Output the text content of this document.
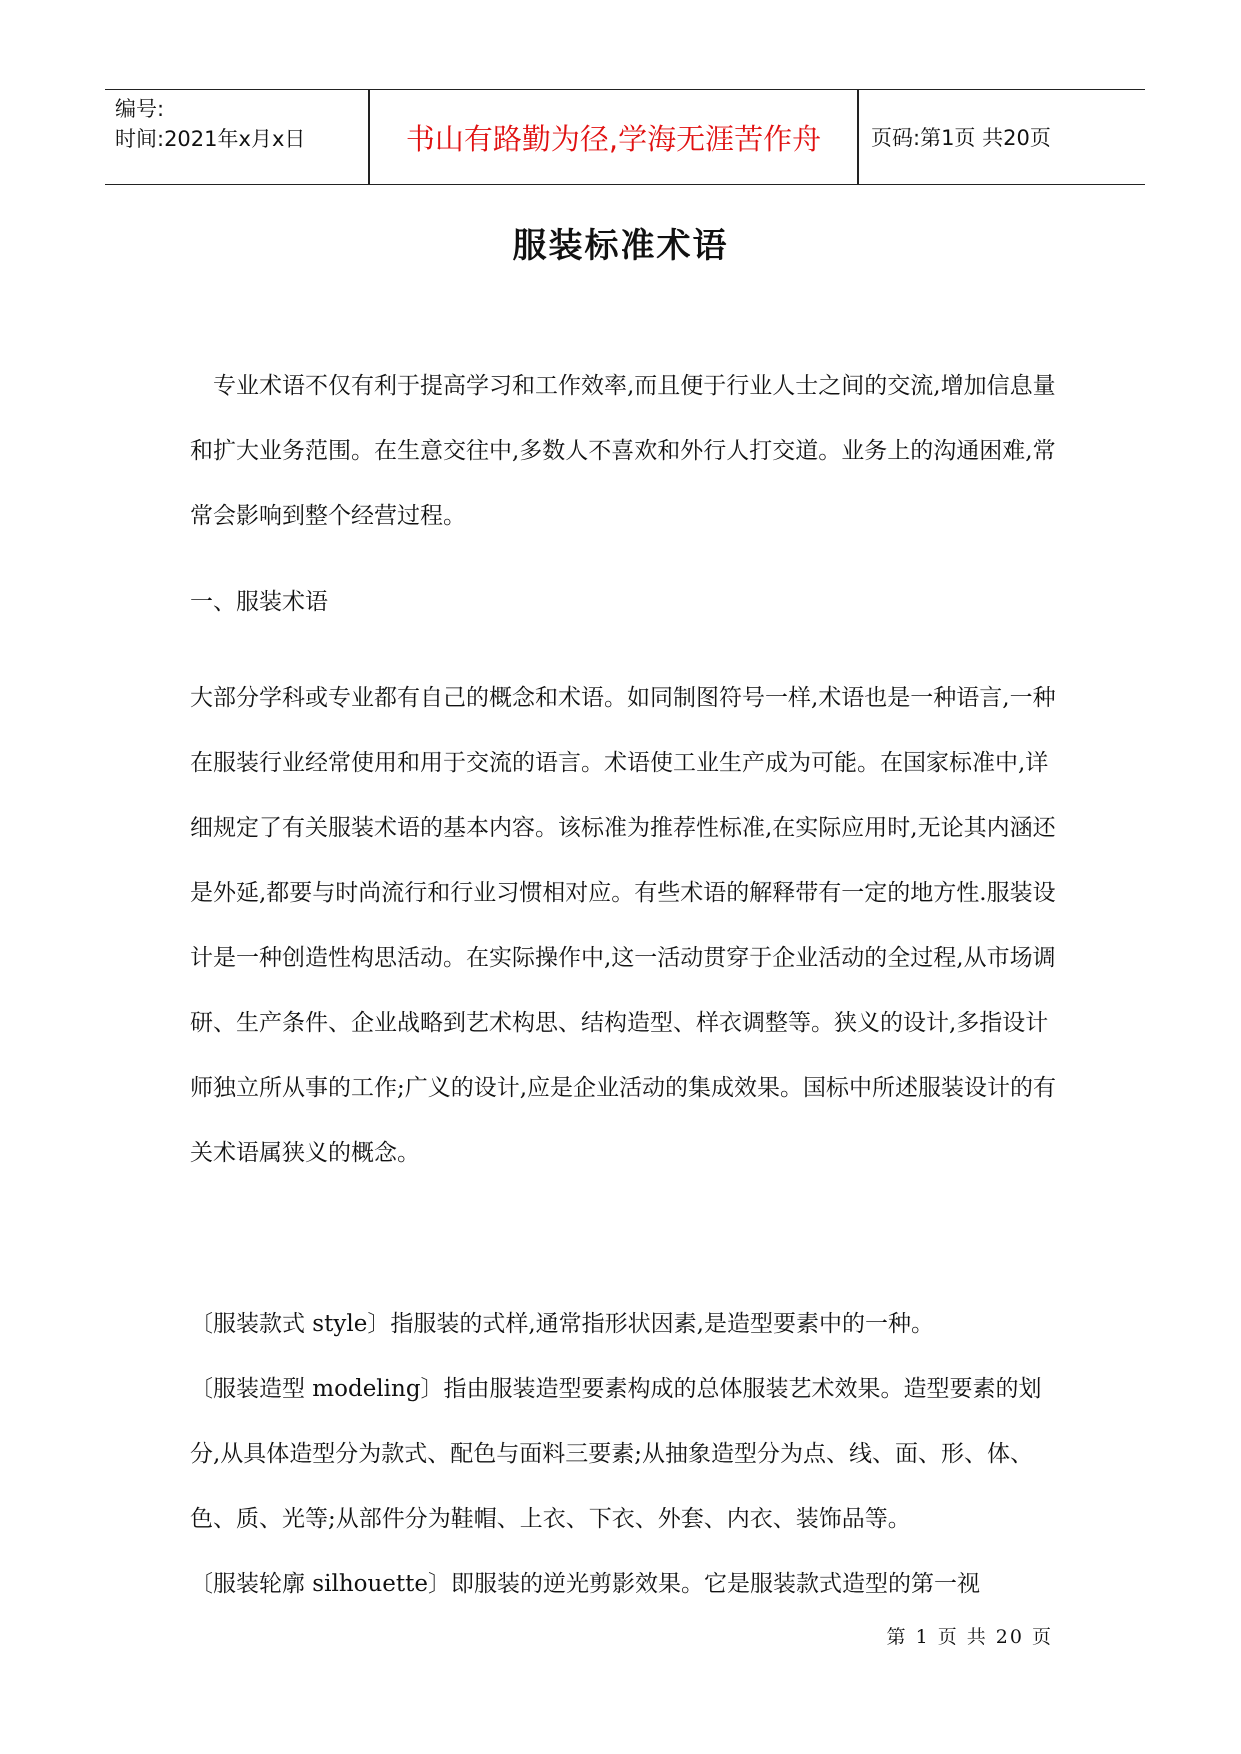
编号:
时间:2021年x月x日	书山有路勤为径,学海无涯苦作舟	页码:第1页 共20页
服装标准术语

专业术语不仅有利于提高学习和工作效率,而且便于行业人士之间的交流,增加信息量和扩大业务范围。在生意交往中,多数人不喜欢和外行人打交道。业务上的沟通困难,常常会影响到整个经营过程。

一、服装术语

大部分学科或专业都有自己的概念和术语。如同制图符号一样,术语也是一种语言,一种在服装行业经常使用和用于交流的语言。术语使工业生产成为可能。在国家标准中,详细规定了有关服装术语的基本内容。该标准为推荐性标准,在实际应用时,无论其内涵还是外延,都要与时尚流行和行业习惯相对应。有些术语的解释带有一定的地方性.服装设计是一种创造性构思活动。在实际操作中,这一活动贯穿于企业活动的全过程,从市场调研、生产条件、企业战略到艺术构思、结构造型、样衣调整等。狭义的设计,多指设计师独立所从事的工作;广义的设计,应是企业活动的集成效果。国标中所述服装设计的有关术语属狭义的概念。

〔服装款式 style〕指服装的式样,通常指形状因素,是造型要素中的一种。

〔服装造型 modeling〕指由服装造型要素构成的总体服装艺术效果。造型要素的划分,从具体造型分为款式、配色与面料三要素;从抽象造型分为点、线、面、形、体、色、质、光等;从部件分为鞋帽、上衣、下衣、外套、内衣、装饰品等。

〔服装轮廓 silhouette〕即服装的逆光剪影效果。它是服装款式造型的第一视

第 1 页 共 20 页
